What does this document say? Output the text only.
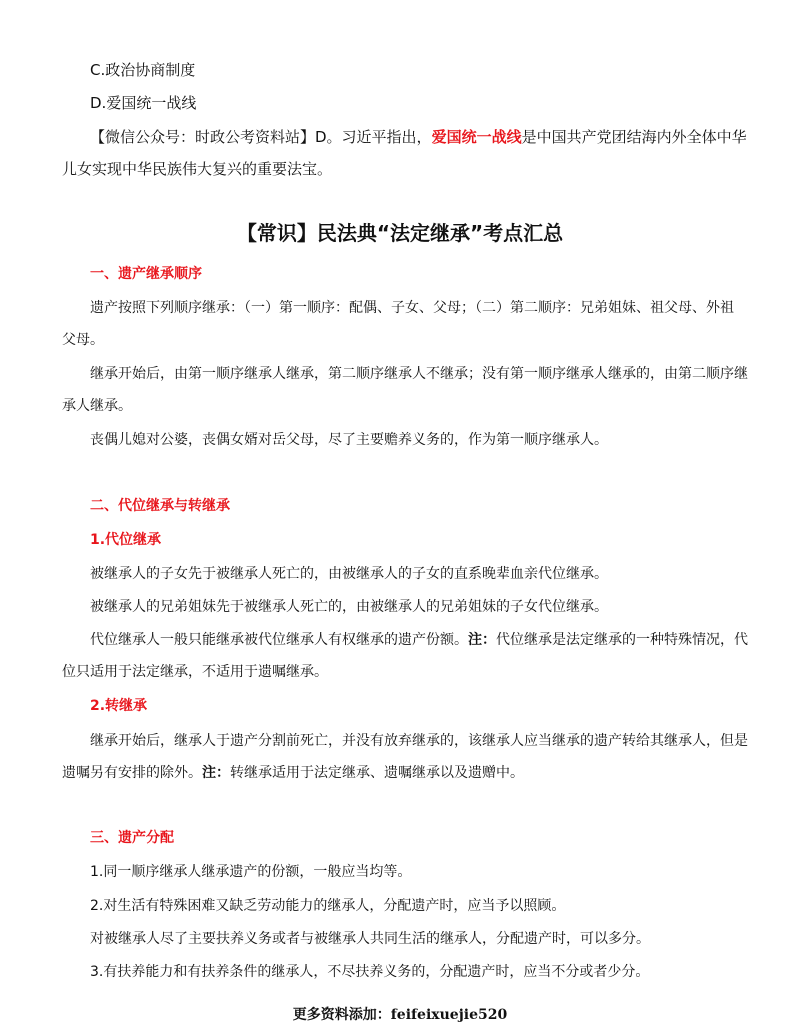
C.政治协商制度
D.爱国统一战线
【微信公众号：时政公考资料站】D。习近平指出，爱国统一战线是中国共产党团结海内外全体中华
儿女实现中华民族伟大复兴的重要法宝。
【常识】民法典“法定继承”考点汇总
一、遗产继承顺序
遗产按照下列顺序继承：（一）第一顺序：配偶、子女、父母；（二）第二顺序：兄弟姐妹、祖父母、外祖
父母。
继承开始后，由第一顺序继承人继承，第二顺序继承人不继承；没有第一顺序继承人继承的，由第二顺序继
承人继承。
丧偶儿媳对公婆，丧偶女婿对岳父母，尽了主要赡养义务的，作为第一顺序继承人。
二、代位继承与转继承
1.代位继承
被继承人的子女先于被继承人死亡的，由被继承人的子女的直系晚辈血亲代位继承。
被继承人的兄弟姐妹先于被继承人死亡的，由被继承人的兄弟姐妹的子女代位继承。
代位继承人一般只能继承被代位继承人有权继承的遗产份额。注：代位继承是法定继承的一种特殊情况，代
位只适用于法定继承，不适用于遗嘱继承。
2.转继承
继承开始后，继承人于遗产分割前死亡，并没有放弃继承的，该继承人应当继承的遗产转给其继承人，但是
遗嘱另有安排的除外。注：转继承适用于法定继承、遗嘱继承以及遗赠中。
三、遗产分配
1.同一顺序继承人继承遗产的份额，一般应当均等。
2.对生活有特殊困难又缺乏劳动能力的继承人，分配遗产时，应当予以照顾。
对被继承人尽了主要扶养义务或者与被继承人共同生活的继承人，分配遗产时，可以多分。
3.有扶养能力和有扶养条件的继承人，不尽扶养义务的，分配遗产时，应当不分或者少分。
更多资料添加：feifeixuejie520
